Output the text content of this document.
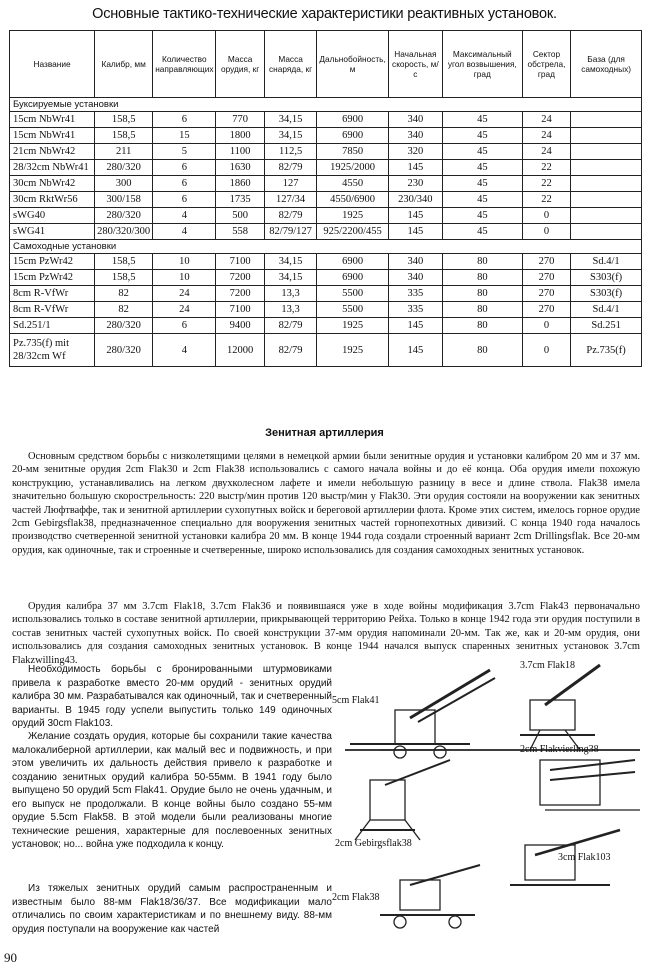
Основные тактико-технические характеристики реактивных установок.
Название	Калибр, мм	Количество направляющих	Масса орудия, кг	Масса снаряда, кг	Дальнобойность, м	Начальная скорость, м/с	Максимальный угол возвышения, град	Сектор обстрела, град	База (для самоходных)
Буксируемые установки									
15cm NbWr41	158,5	6	770	34,15	6900	340	45	24	
15cm NbWr41	158,5	15	1800	34,15	6900	340	45	24	
21cm NbWr42	211	5	1100	112,5	7850	320	45	24	
28/32cm NbWr41	280/320	6	1630	82/79	1925/2000	145	45	22	
30cm NbWr42	300	6	1860	127	4550	230	45	22	
30cm RktWr56	300/158	6	1735	127/34	4550/6900	230/340	45	22	
sWG40	280/320	4	500	82/79	1925	145	45	0	
sWG41	280/320/300	4	558	82/79/127	925/2200/455	145	45	0	
Самоходные установки									
15cm PzWr42	158,5	10	7100	34,15	6900	340	80	270	Sd.4/1
15cm PzWr42	158,5	10	7200	34,15	6900	340	80	270	S303(f)
8cm R-VfWr	82	24	7200	13,3	5500	335	80	270	S303(f)
8cm R-VfWr	82	24	7100	13,3	5500	335	80	270	Sd.4/1
Sd.251/1	280/320	6	9400	82/79	1925	145	80	0	Sd.251
Pz.735(f) mit
28/32cm Wf	280/320	4	12000	82/79	1925	145	80	0	Pz.735(f)
Зенитная артиллерия

Основным средством борьбы с низколетящими целями в немецкой армии были зенитные орудия и установки калибром 20 мм и 37 мм. 20-мм зенитные орудия 2cm Flak30 и 2cm Flak38 использовались с самого начала войны и до её конца. Оба орудия имели похожую конструкцию, устанавливались на легком двухколесном лафете и имели небольшую разницу в весе и длине ствола. Flak38 имела значительно большую скорострельность: 220 выстр/мин против 120 выстр/мин у Flak30. Эти орудия состояли на вооружении как зенитных частей Люфтваффе, так и зенитной артиллерии сухопутных войск и береговой артиллерии флота. Кроме этих систем, имелось горное орудие 2cm Gebirgsflak38, предназначенное специально для вооружения зенитных частей горнопехотных дивизий. С конца 1940 года началось производство счетверенной зенитной установки калибра 20 мм. В конце 1944 года создали строенный вариант 2cm Drillingsflak. Все 20-мм орудия, как одиночные, так и строенные и счетверенные, широко использовались для создания самоходных зенитных установок.

Орудия калибра 37 мм 3.7cm Flak18, 3.7cm Flak36 и появившаяся уже в ходе войны модификация 3.7cm Flak43 первоначально использовались только в составе зенитной артиллерии, прикрывающей территорию Рейха. Только в конце 1942 года эти орудия поступили в состав зенитных частей сухопутных войск. По своей конструкции 37-мм орудия напоминали 20-мм. Так же, как и 20-мм орудия, они использовались для создания самоходных зенитных установок. В конце 1944 началcя выпуск спаренных зенитных установок 3.7cm Flakzwilling43.

Необходимость борьбы с бронированными штурмовиками привела к разработке вместо 20-мм орудий - зенитных орудий калибра 30 мм. Разрабатывался как одиночный, так и счетверенный варианты. В 1945 году успели выпустить только 149 одиночных орудий 30cm Flak103.

Желание создать орудия, которые бы сохранили такие качества малокалиберной артиллерии, как малый вес и подвижность, и при этом увеличить их дальность действия привело к разработке и созданию зенитных орудий калибра 50-55мм. В 1941 году было выпущено 50 орудий 5cm Flak41. Орудие было не очень удачным, и его выпуск не продолжали. В конце войны было создано 55-мм орудие 5.5cm Flak58. В этой модели были реализованы многие технические решения, характерные для послевоенных зенитных установок; но... война уже подходила к концу.

Из тяжелых зенитных орудий самым распространенным и известным было 88-мм Flak18/36/37. Все модификации мало отличались по своим характеристикам и по внешнему виду. 88-мм орудия поступали на вооружение как частей

3.7cm Flak18
5cm Flak41
2cm Flakvierling38
2cm Gebirgsflak38
3cm Flak103
2cm Flak38
90
